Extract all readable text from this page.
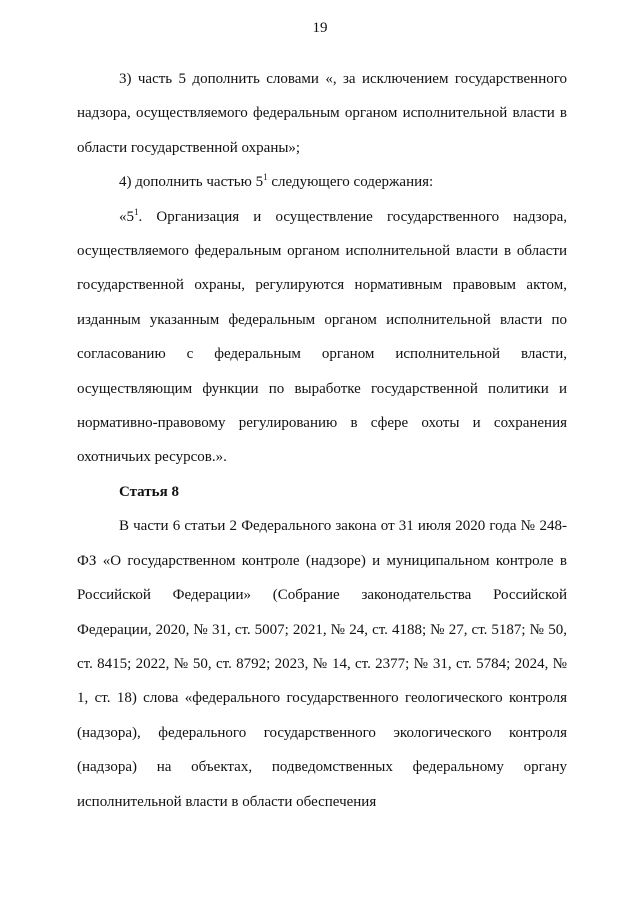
19

3) часть 5 дополнить словами «, за исключением государственного надзора, осуществляемого федеральным органом исполнительной власти в области государственной охраны»;

4) дополнить частью $5^1$ следующего содержания:

«$5^1$. Организация и осуществление государственного надзора, осуществляемого федеральным органом исполнительной власти в области государственной охраны, регулируются нормативным правовым актом, изданным указанным федеральным органом исполнительной власти по согласованию с федеральным органом исполнительной власти, осуществляющим функции по выработке государственной политики и нормативно-правовому регулированию в сфере охоты и сохранения охотничьих ресурсов.».

Статья 8

В части 6 статьи 2 Федерального закона от 31 июля 2020 года № 248-ФЗ «О государственном контроле (надзоре) и муниципальном контроле в Российской Федерации» (Собрание законодательства Российской Федерации, 2020, № 31, ст. 5007; 2021, № 24, ст. 4188; № 27, ст. 5187; № 50, ст. 8415; 2022, № 50, ст. 8792; 2023, № 14, ст. 2377; № 31, ст. 5784; 2024, № 1, ст. 18) слова «федерального государственного геологического контроля (надзора), федерального государственного экологического контроля (надзора) на объектах, подведомственных федеральному органу исполнительной власти в области обеспечения
